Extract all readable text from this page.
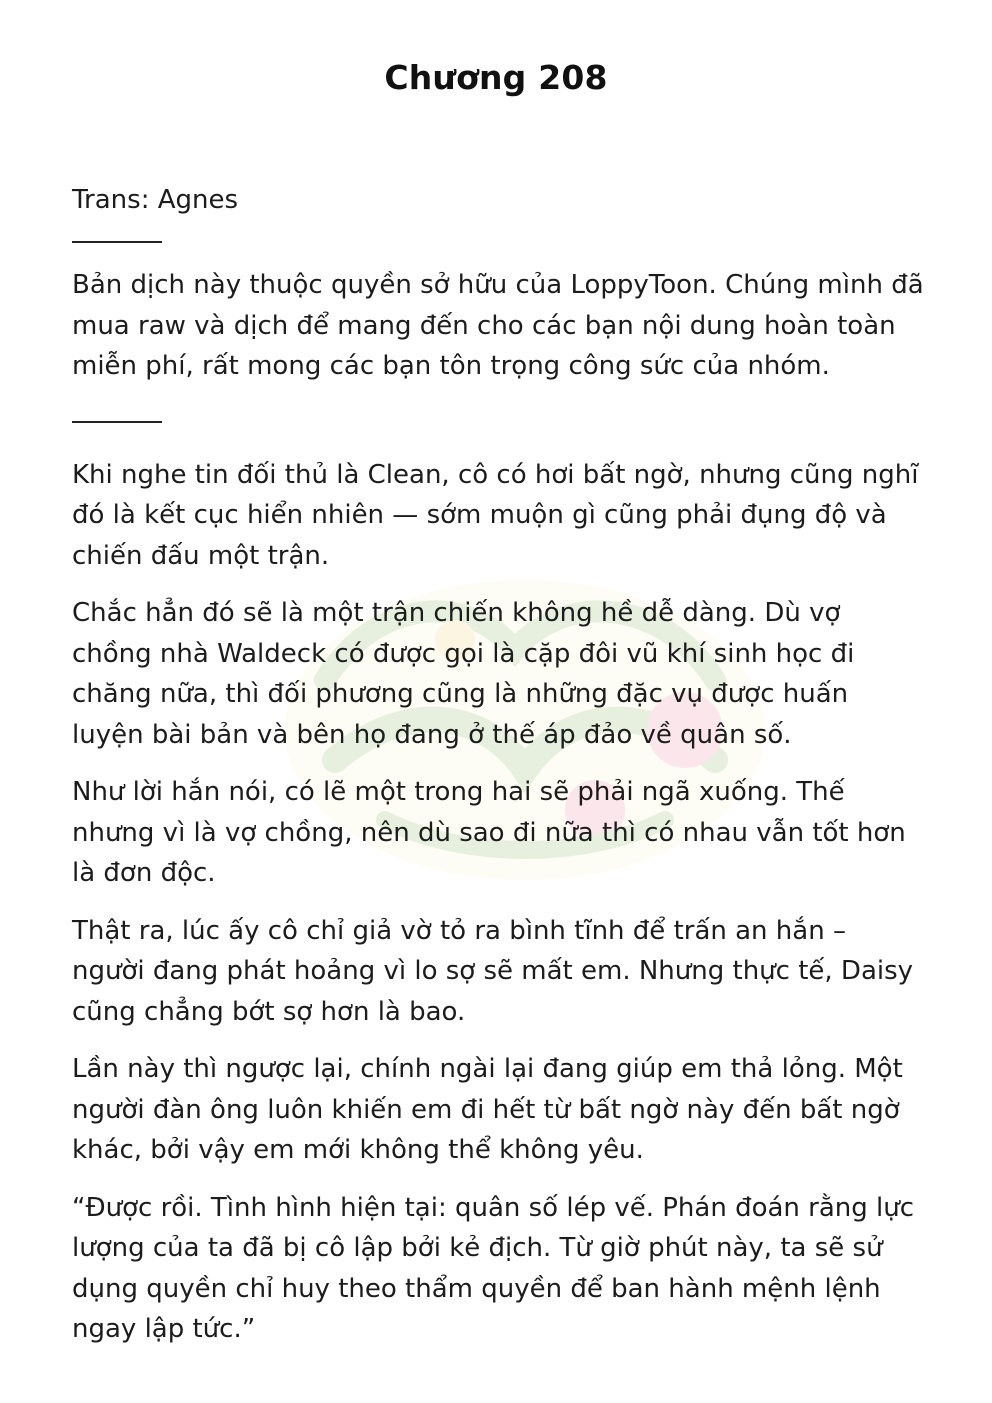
Chương 208

Trans: Agnes

Bản dịch này thuộc quyền sở hữu của LoppyToon. Chúng mình đã mua raw và dịch để mang đến cho các bạn nội dung hoàn toàn miễn phí, rất mong các bạn tôn trọng công sức của nhóm.

Khi nghe tin đối thủ là Clean, cô có hơi bất ngờ, nhưng cũng nghĩ đó là kết cục hiển nhiên — sớm muộn gì cũng phải đụng độ và chiến đấu một trận.

Chắc hẳn đó sẽ là một trận chiến không hề dễ dàng. Dù vợ chồng nhà Waldeck có được gọi là cặp đôi vũ khí sinh học đi chăng nữa, thì đối phương cũng là những đặc vụ được huấn luyện bài bản và bên họ đang ở thế áp đảo về quân số.

Như lời hắn nói, có lẽ một trong hai sẽ phải ngã xuống. Thế nhưng vì là vợ chồng, nên dù sao đi nữa thì có nhau vẫn tốt hơn là đơn độc.

Thật ra, lúc ấy cô chỉ giả vờ tỏ ra bình tĩnh để trấn an hắn – người đang phát hoảng vì lo sợ sẽ mất em. Nhưng thực tế, Daisy cũng chẳng bớt sợ hơn là bao.

Lần này thì ngược lại, chính ngài lại đang giúp em thả lỏng. Một người đàn ông luôn khiến em đi hết từ bất ngờ này đến bất ngờ khác, bởi vậy em mới không thể không yêu.

“Được rồi. Tình hình hiện tại: quân số lép vế. Phán đoán rằng lực lượng của ta đã bị cô lập bởi kẻ địch. Từ giờ phút này, ta sẽ sử dụng quyền chỉ huy theo thẩm quyền để ban hành mệnh lệnh ngay lập tức.”
